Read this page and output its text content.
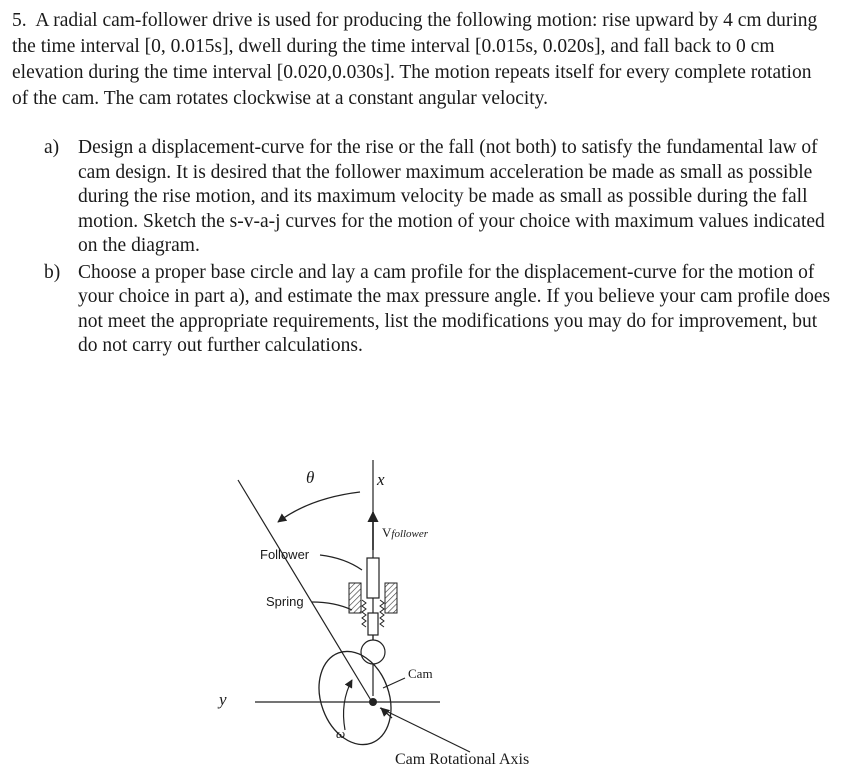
5. A radial cam-follower drive is used for producing the following motion: rise upward by 4 cm during the time interval [0, 0.015s], dwell during the time interval [0.015s, 0.020s], and fall back to 0 cm elevation during the time interval [0.020,0.030s]. The motion repeats itself for every complete rotation of the cam. The cam rotates clockwise at a constant angular velocity.

a) Design a displacement-curve for the rise or the fall (not both) to satisfy the fundamental law of cam design. It is desired that the follower maximum acceleration be made as small as possible during the rise motion, and its maximum velocity be made as small as possible during the fall motion. Sketch the s-v-a-j curves for the motion of your choice with maximum values indicated on the diagram.
b) Choose a proper base circle and lay a cam profile for the displacement-curve for the motion of your choice in part a), and estimate the max pressure angle. If you believe your cam profile does not meet the appropriate requirements, list the modifications you may do for improvement, but do not carry out further calculations.
θ	x
y
Vfollower
Follower
Spring
Cam
ω
Cam Rotational Axis
